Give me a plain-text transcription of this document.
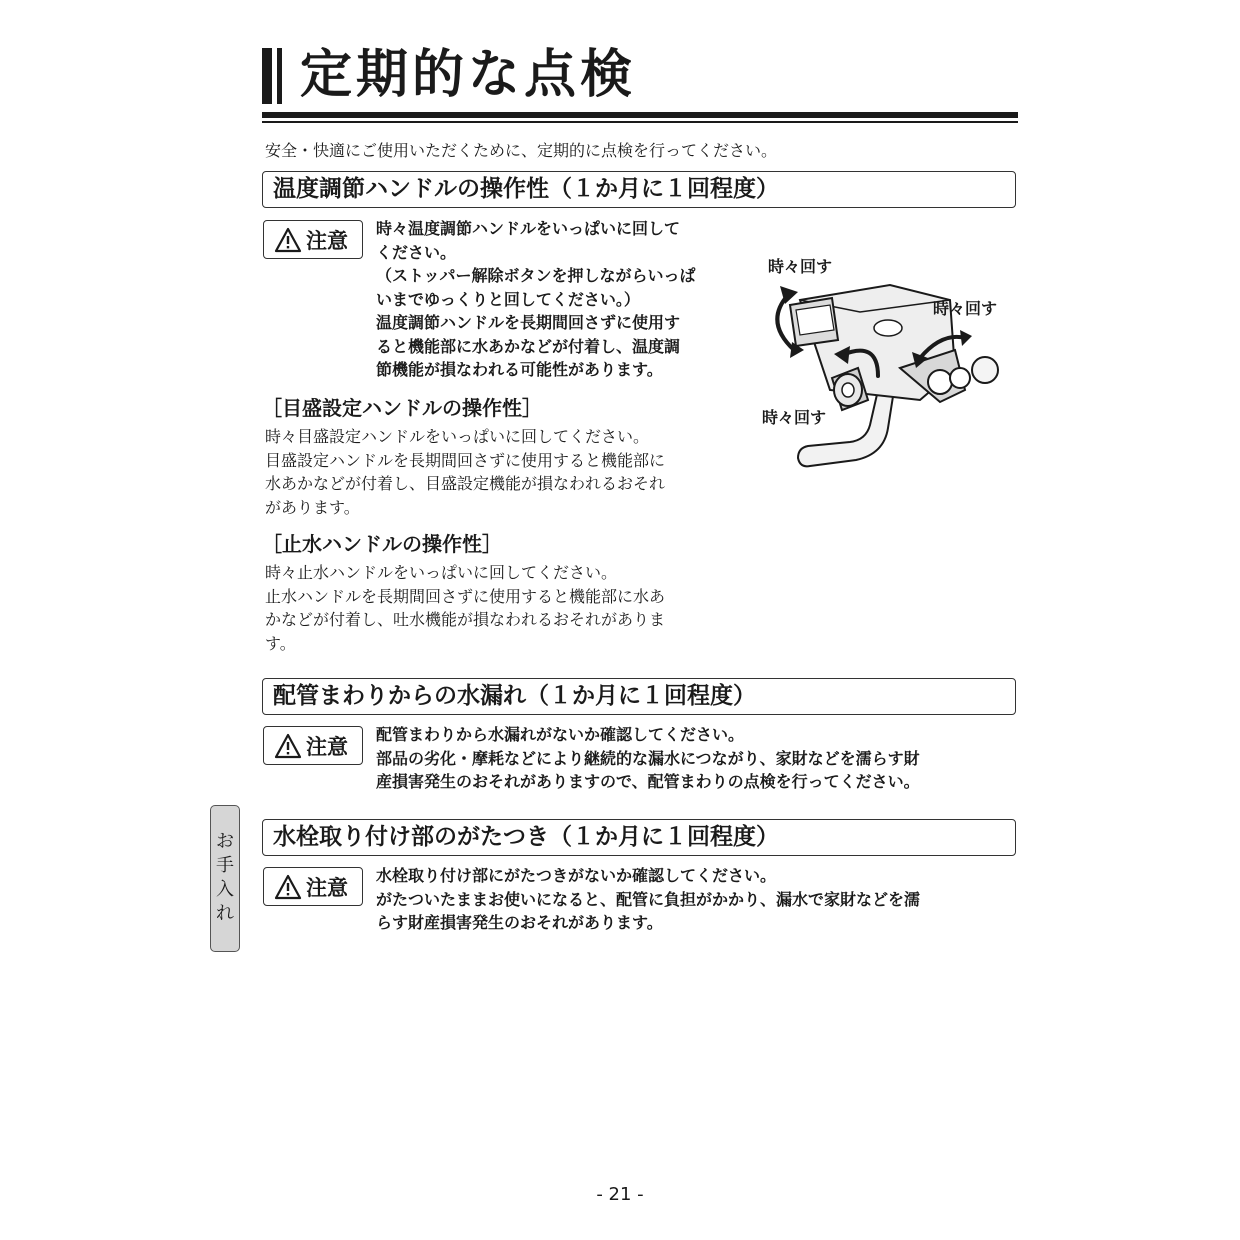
定期的な点検
安全・快適にご使用いただくために、定期的に点検を行ってください。
温度調節ハンドルの操作性（１か月に１回程度）
注意 時々温度調節ハンドルをいっぱいに回して
ください。
（ストッパー解除ボタンを押しながらいっぱ
いまでゆっくりと回してください。）
温度調節ハンドルを長期間回さずに使用す
ると機能部に水あかなどが付着し、温度調
節機能が損なわれる可能性があります。
［目盛設定ハンドルの操作性］
時々目盛設定ハンドルをいっぱいに回してください。
目盛設定ハンドルを長期間回さずに使用すると機能部に
水あかなどが付着し、目盛設定機能が損なわれるおそれ
があります。
［止水ハンドルの操作性］
時々止水ハンドルをいっぱいに回してください。
止水ハンドルを長期間回さずに使用すると機能部に水あ
かなどが付着し、吐水機能が損なわれるおそれがありま
す。
時々回す
時々回す
時々回す
配管まわりからの水漏れ（１か月に１回程度）
注意 配管まわりから水漏れがないか確認してください。
部品の劣化・摩耗などにより継続的な漏水につながり、家財などを濡らす財
産損害発生のおそれがありますので、配管まわりの点検を行ってください。
水栓取り付け部のがたつき（１か月に１回程度）
注意 水栓取り付け部にがたつきがないか確認してください。
がたついたままお使いになると、配管に負担がかかり、漏水で家財などを濡
らす財産損害発生のおそれがあります。
お
手
入
れ
- 21 -
